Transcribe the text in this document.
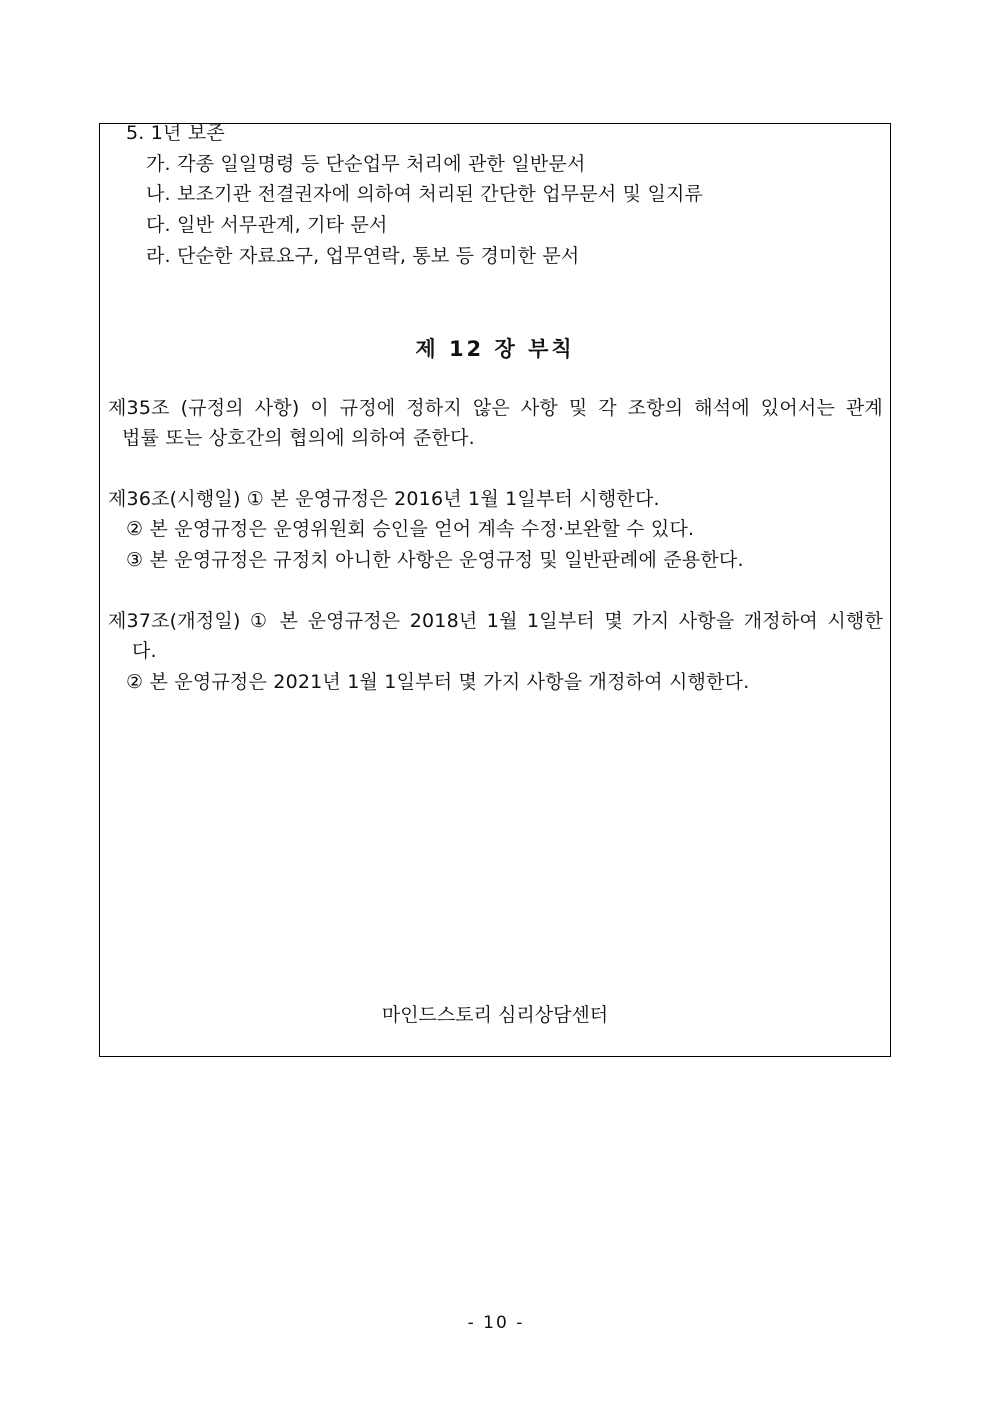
5. 1년 보존
가. 각종 일일명령 등 단순업무 처리에 관한 일반문서
나. 보조기관 전결권자에 의하여 처리된 간단한 업무문서 및 일지류
다. 일반 서무관계, 기타 문서
라. 단순한 자료요구, 업무연락, 통보 등 경미한 문서
제 12 장 부칙
제35조 (규정의 사항) 이 규정에 정하지 않은 사항 및 각 조항의 해석에 있어서는 관계
법률 또는 상호간의 협의에 의하여 준한다.
제36조(시행일) ① 본 운영규정은 2016년 1월 1일부터 시행한다.
② 본 운영규정은 운영위원회 승인을 얻어 계속 수정·보완할 수 있다.
③ 본 운영규정은 규정치 아니한 사항은 운영규정 및 일반판례에 준용한다.
제37조(개정일) ① 본 운영규정은 2018년 1월 1일부터 몇 가지 사항을 개정하여 시행한
다.
② 본 운영규정은 2021년 1월 1일부터 몇 가지 사항을 개정하여 시행한다.
마인드스토리 심리상담센터
- 10 -
